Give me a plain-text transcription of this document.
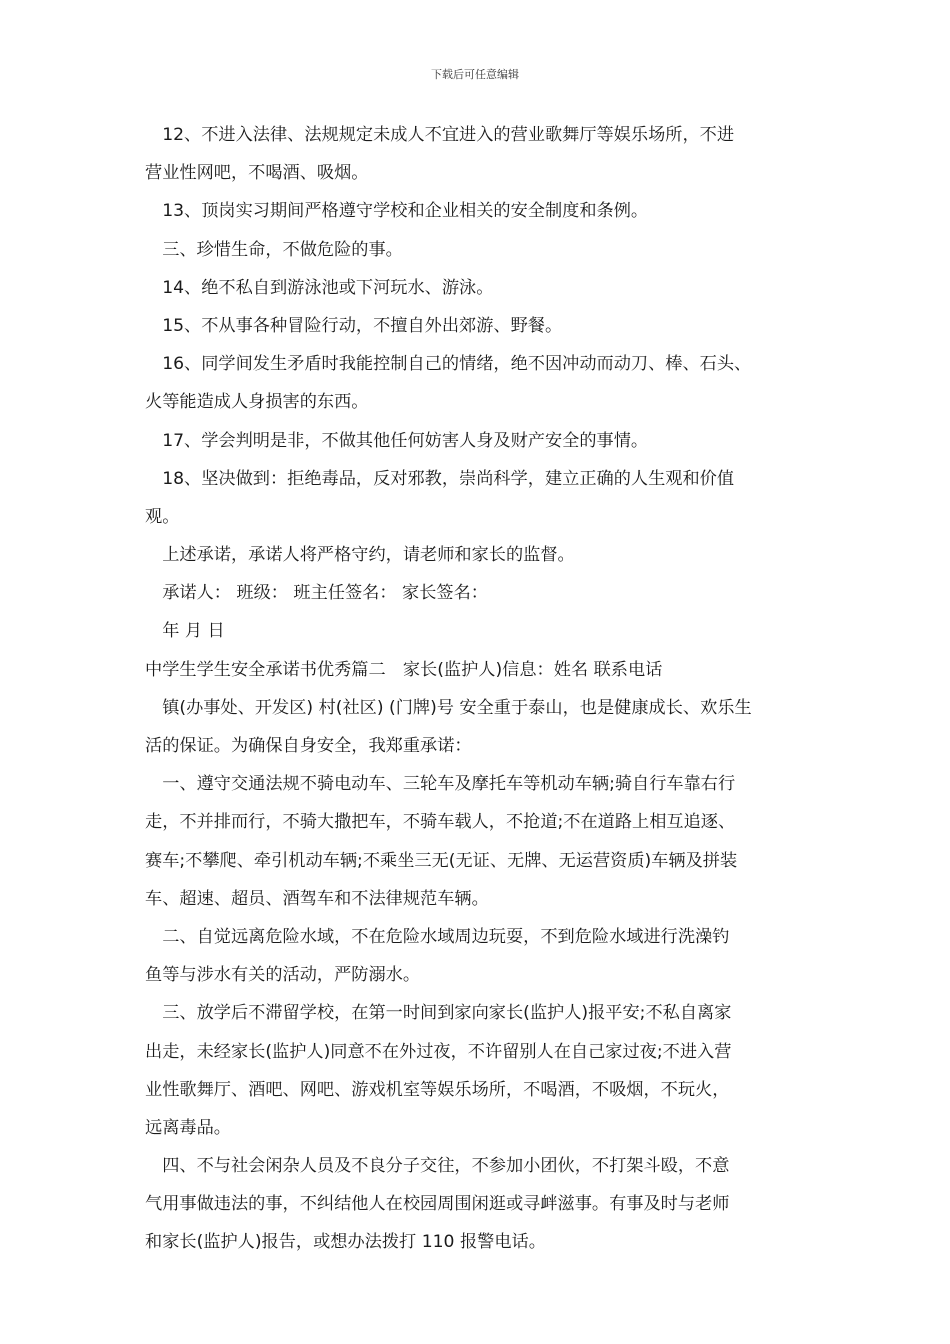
下载后可任意编辑
　12、不进入法律、法规规定未成人不宜进入的营业歌舞厅等娱乐场所，不进
营业性网吧，不喝酒、吸烟。
　13、顶岗实习期间严格遵守学校和企业相关的安全制度和条例。
　三、珍惜生命，不做危险的事。
　14、绝不私自到游泳池或下河玩水、游泳。
　15、不从事各种冒险行动，不擅自外出郊游、野餐。
　16、同学间发生矛盾时我能控制自己的情绪，绝不因冲动而动刀、棒、石头、
火等能造成人身损害的东西。
　17、学会判明是非，不做其他任何妨害人身及财产安全的事情。
　18、坚决做到：拒绝毒品，反对邪教，崇尚科学，建立正确的人生观和价值
观。
　上述承诺，承诺人将严格守约，请老师和家长的监督。
　承诺人： 班级： 班主任签名： 家长签名：
　年 月 日
中学生学生安全承诺书优秀篇二　家长(监护人)信息：姓名 联系电话
　镇(办事处、开发区) 村(社区) (门牌)号 安全重于泰山，也是健康成长、欢乐生
活的保证。为确保自身安全，我郑重承诺：
　一、遵守交通法规不骑电动车、三轮车及摩托车等机动车辆;骑自行车靠右行
走，不并排而行，不骑大撒把车，不骑车载人，不抢道;不在道路上相互追逐、
赛车;不攀爬、牵引机动车辆;不乘坐三无(无证、无牌、无运营资质)车辆及拼装
车、超速、超员、酒驾车和不法律规范车辆。
　二、自觉远离危险水域，不在危险水域周边玩耍，不到危险水域进行洗澡钓
鱼等与涉水有关的活动，严防溺水。
　三、放学后不滞留学校，在第一时间到家向家长(监护人)报平安;不私自离家
出走，未经家长(监护人)同意不在外过夜，不许留别人在自己家过夜;不进入营
业性歌舞厅、酒吧、网吧、游戏机室等娱乐场所，不喝酒，不吸烟，不玩火，
远离毒品。
　四、不与社会闲杂人员及不良分子交往，不参加小团伙，不打架斗殴，不意
气用事做违法的事，不纠结他人在校园周围闲逛或寻衅滋事。有事及时与老师
和家长(监护人)报告，或想办法拨打 110 报警电话。
